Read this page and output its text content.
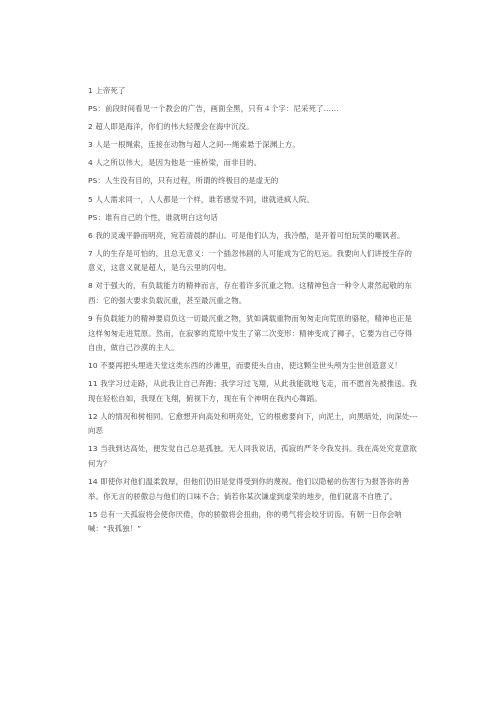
1 上帝死了

PS：前段时间看见一个教会的广告，画面全黑，只有４个字：尼采死了……

2 超人即是海洋，你们的伟大轻蔑会在海中沉没。

3 人是一根绳索，连接在动物与超人之间---绳索悬于深渊上方。

4 人之所以伟大，是因为他是一座桥梁，而非目的。

PS：人生没有目的，只有过程，所谓的终极目的是虚无的

5 人人需求同一，人人都是一个样，谁若感觉不同，谁就进疯人院。

PS：谁有自己的个性，谁就明白这句话

6 我的灵魂平静而明亮，宛若清晨的群山。可是他们认为，我冷酷，是开着可怕玩笑的嘲讽者。

7 人的生存是可怕的，且总无意义：一个插忽伟剧的人可能成为它的厄运。我要向人们讲授生存的意义，这意义就是超人，是乌云里的闪电。

8 对于强大的，有负载能力的精神而言，存在着许多沉重之物。这精神包含一种令人肃然起敬的东西：它的强大要求负载沉重，甚至最沉重之物。

9 有负载能力的精神要肩负这一切最沉重之物，犹如满载重物而匆匆走向荒原的骆驼，精神也正是这样匆匆走进荒原。然而，在寂寥的荒原中发生了第二次变形：精神变成了狮子，它要为自己夺得自由，做自己沙漠的主人。

10 不要再把头埋进天堂这类东西的沙滩里，而要使头自由，使这颗尘世头颅为尘世创造意义！

11 我学习过走路，从此我让自己奔跑；我学习过飞翔，从此我能就地飞走，而不愿首先被推送。我现在轻松自如，我现在飞翔，俯视下方，现在有个神明在我内心舞蹈。

12 人的情况和树相同。它愈想开向高处和明亮处，它的根愈要向下，向泥土，向黑暗处，向深处---向恶

13 当我到达高处，便发觉自己总是孤独。无人同我说话，孤寂的严冬令我发抖。我在高处究竟意欲何为？

14 即使你对他们温柔敦厚，但他们仍旧是觉得受到你的蔑视。他们以隐秘的伤害行为报答你的善举。你无言的骄傲总与他们的口味不合；倘若你某次谦虚到虚荣的地步，他们就喜不自胜了。

15 总有一天孤寂将会使你厌倦，你的骄傲将会扭曲，你的勇气将会咬牙切齿。有朝一日你会呐喊：“我孤独！”
